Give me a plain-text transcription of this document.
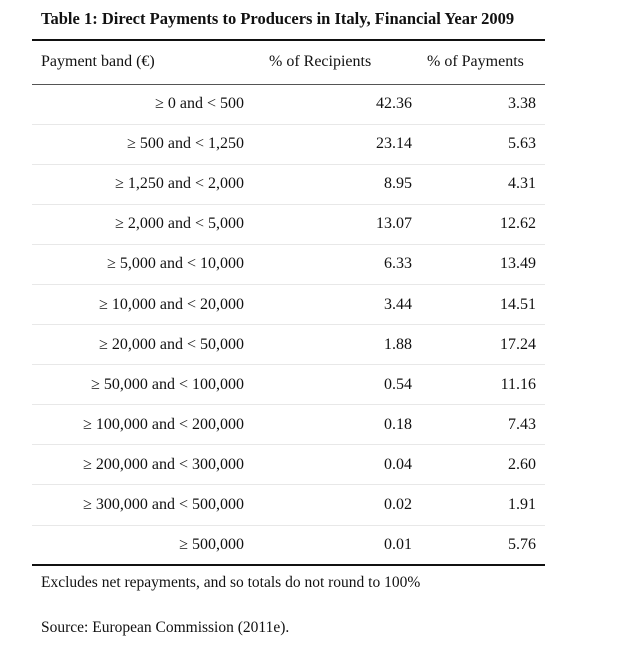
Table 1: Direct Payments to Producers in Italy, Financial Year 2009
Payment band (€)	% of Recipients	% of Payments
≥ 0 and < 500	42.36	3.38
≥ 500 and < 1,250	23.14	5.63
≥ 1,250 and < 2,000	8.95	4.31
≥ 2,000 and < 5,000	13.07	12.62
≥ 5,000 and < 10,000	6.33	13.49
≥ 10,000 and < 20,000	3.44	14.51
≥ 20,000 and < 50,000	1.88	17.24
≥ 50,000 and < 100,000	0.54	11.16
≥ 100,000 and < 200,000	0.18	7.43
≥ 200,000 and < 300,000	0.04	2.60
≥ 300,000 and < 500,000	0.02	1.91
≥ 500,000	0.01	5.76
Excludes net repayments, and so totals do not round to 100%
Source: European Commission (2011e).
